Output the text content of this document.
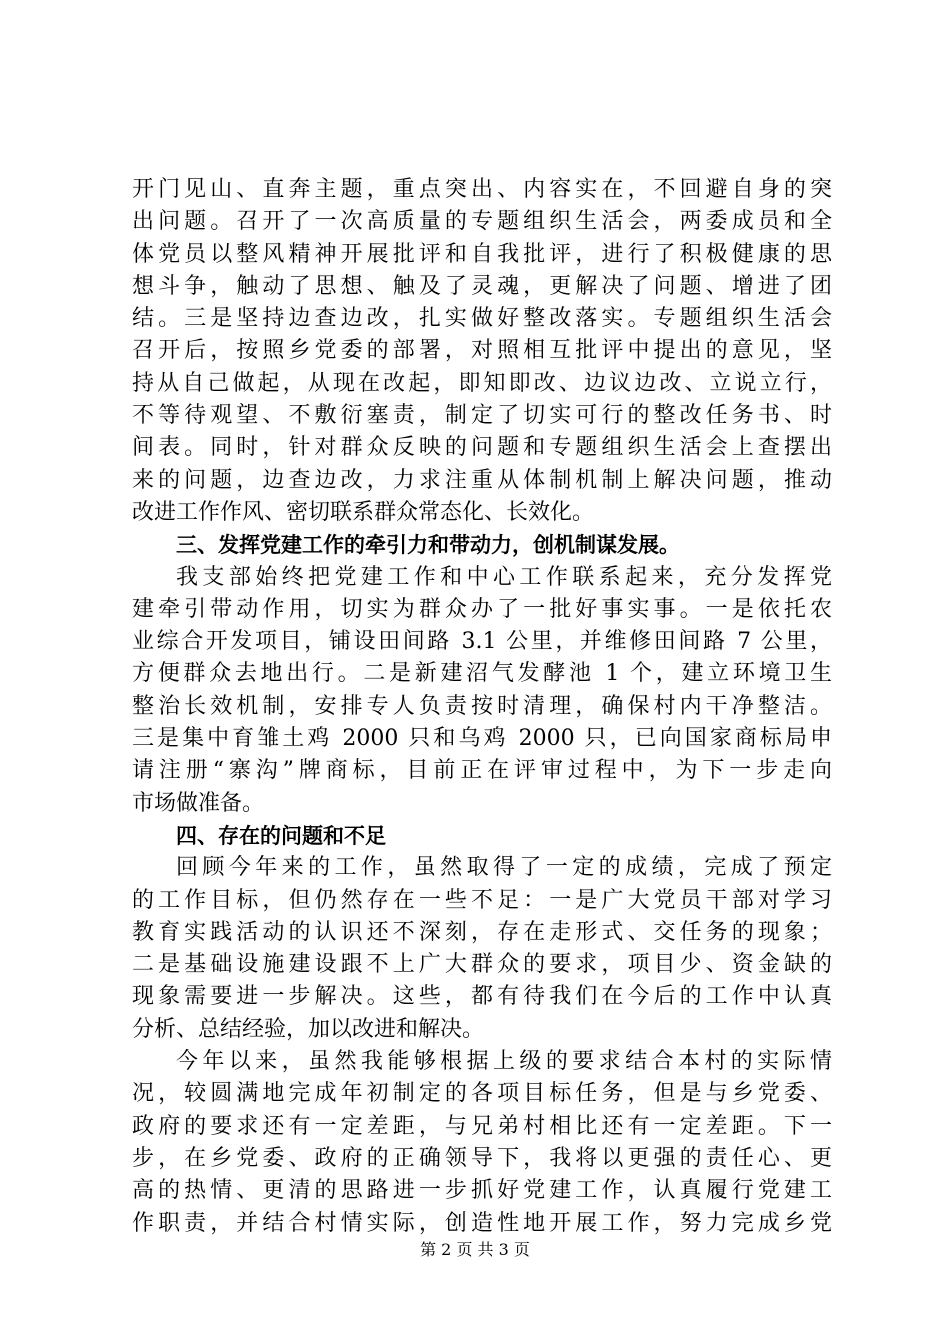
开门见山、直奔主题，重点突出、内容实在，不回避自身的突
出问题。召开了一次高质量的专题组织生活会，两委成员和全
体党员以整风精神开展批评和自我批评，进行了积极健康的思
想斗争，触动了思想、触及了灵魂，更解决了问题、增进了团
结。三是坚持边查边改，扎实做好整改落实。专题组织生活会
召开后，按照乡党委的部署，对照相互批评中提出的意见，坚
持从自己做起，从现在改起，即知即改、边议边改、立说立行，
不等待观望、不敷衍塞责，制定了切实可行的整改任务书、时
间表。同时，针对群众反映的问题和专题组织生活会上查摆出
来的问题，边查边改，力求注重从体制机制上解决问题，推动
改进工作作风、密切联系群众常态化、长效化。
三、发挥党建工作的牵引力和带动力，创机制谋发展。
我支部始终把党建工作和中心工作联系起来，充分发挥党
建牵引带动作用，切实为群众办了一批好事实事。一是依托农
业综合开发项目，铺设田间路 3.1 公里，并维修田间路 7 公里，
方便群众去地出行。二是新建沼气发酵池 1 个，建立环境卫生
整治长效机制，安排专人负责按时清理，确保村内干净整洁。
三是集中育雏土鸡 2000 只和乌鸡 2000 只，已向国家商标局申
请注册“寨沟”牌商标，目前正在评审过程中，为下一步走向
市场做准备。
四、存在的问题和不足
回顾今年来的工作，虽然取得了一定的成绩，完成了预定
的工作目标，但仍然存在一些不足：一是广大党员干部对学习
教育实践活动的认识还不深刻，存在走形式、交任务的现象；
二是基础设施建设跟不上广大群众的要求，项目少、资金缺的
现象需要进一步解决。这些，都有待我们在今后的工作中认真
分析、总结经验，加以改进和解决。
今年以来，虽然我能够根据上级的要求结合本村的实际情
况，较圆满地完成年初制定的各项目标任务，但是与乡党委、
政府的要求还有一定差距，与兄弟村相比还有一定差距。下一
步，在乡党委、政府的正确领导下，我将以更强的责任心、更
高的热情、更清的思路进一步抓好党建工作，认真履行党建工
作职责，并结合村情实际，创造性地开展工作，努力完成乡党
第 2 页 共 3 页
